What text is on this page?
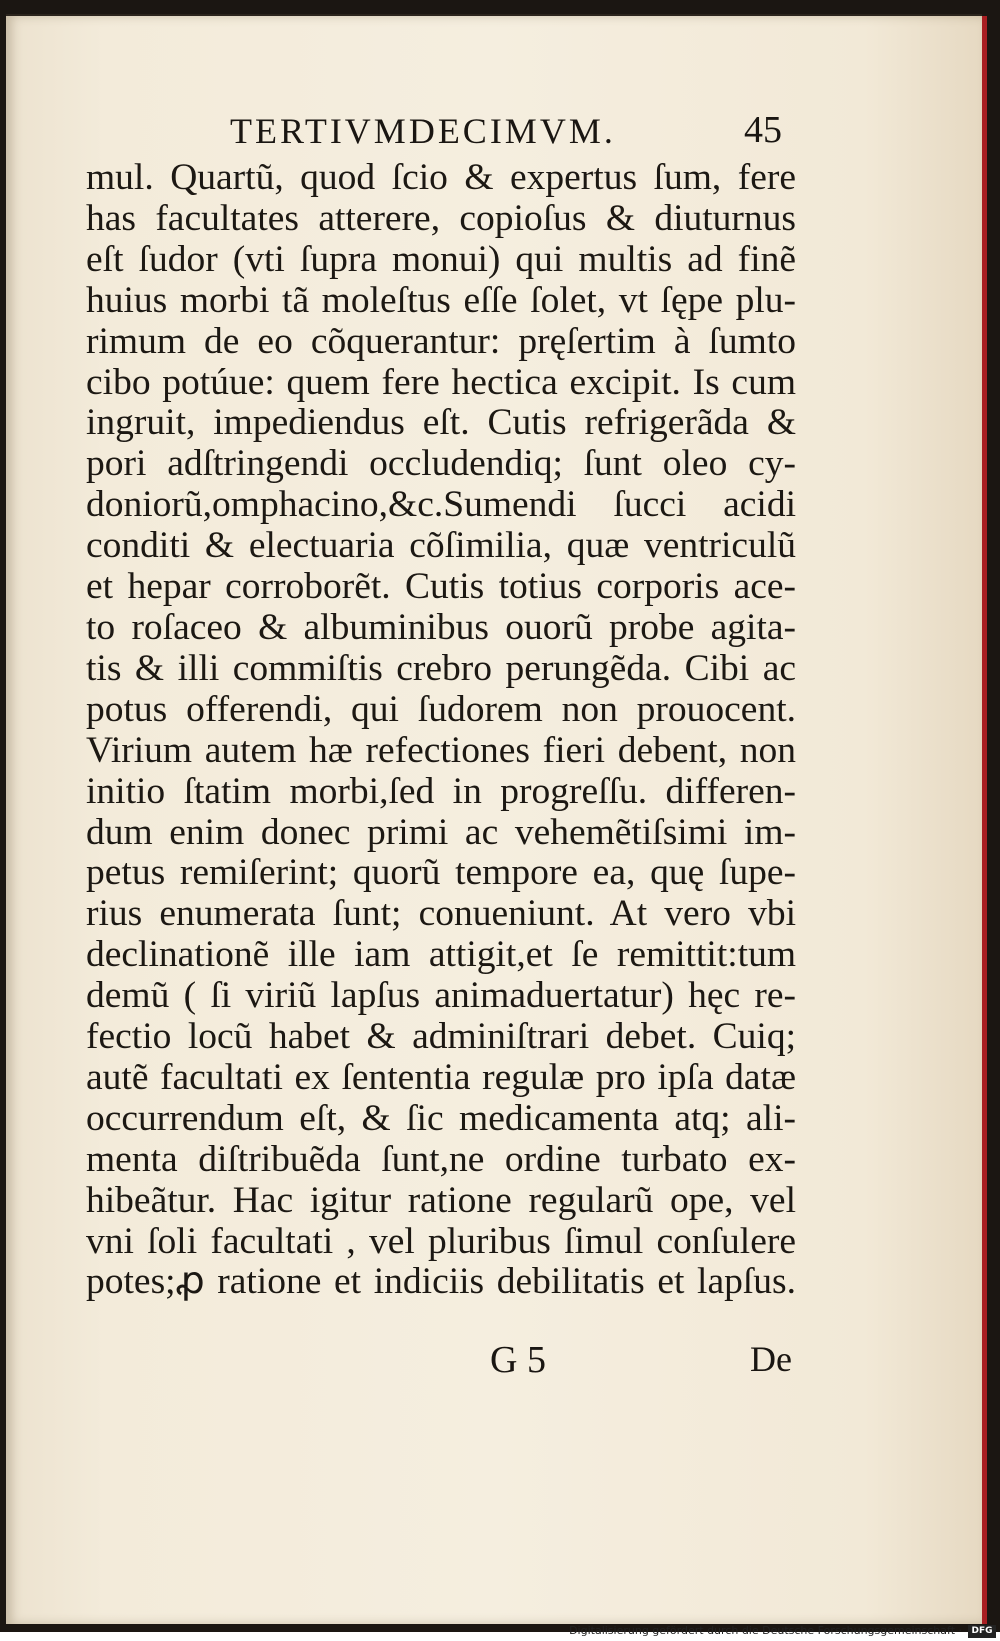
TERTIVMDECIMVM.	45
mul. Quartũ, quod ſcio & expertus ſum, fere
has facultates atterere, copioſus & diuturnus
eſt ſudor (vti ſupra monui) qui multis ad finẽ
huius morbi tã moleſtus eſſe ſolet, vt ſępe plu-
rimum de eo cõquerantur: pręſertim à ſumto
cibo potúue: quem fere hectica excipit. Is cum
ingruit, impediendus eſt. Cutis refrigerãda &
pori adſtringendi occludendiq; ſunt oleo cy-
doniorũ,omphacino,&c.Sumendi ſucci acidi
conditi & electuaria cõſimilia, quæ ventriculũ
et hepar corroborẽt. Cutis totius corporis ace-
to roſaceo & albuminibus ouorũ probe agita-
tis & illi commiſtis crebro perungẽda. Cibi ac
potus offerendi, qui ſudorem non prouocent.
Virium autem hæ refectiones fieri debent, non
initio ſtatim morbi,ſed in progreſſu. differen-
dum enim donec primi ac vehemẽtiſsimi im-
petus remiſerint; quorũ tempore ea, quę ſupe-
rius enumerata ſunt; conueniunt. At vero vbi
declinationẽ ille iam attigit,et ſe remittit:tum
demũ ( ſi viriũ lapſus animaduertatur) hęc re-
fectio locũ habet & adminiſtrari debet. Cuiq;
autẽ facultati ex ſententia regulæ pro ipſa datæ
occurrendum eſt, & ſic medicamenta atq; ali-
menta diſtribuẽda ſunt,ne ordine turbato ex-
hibeãtur. Hac igitur ratione regularũ ope, vel
vni ſoli facultati , vel pluribus ſimul conſulere
potes;ꝓ ratione et indiciis debilitatis et lapſus.
G 5	De
Digitalisierung gefördert durch die Deutsche Forschungsgemeinschaft ·	DFG
